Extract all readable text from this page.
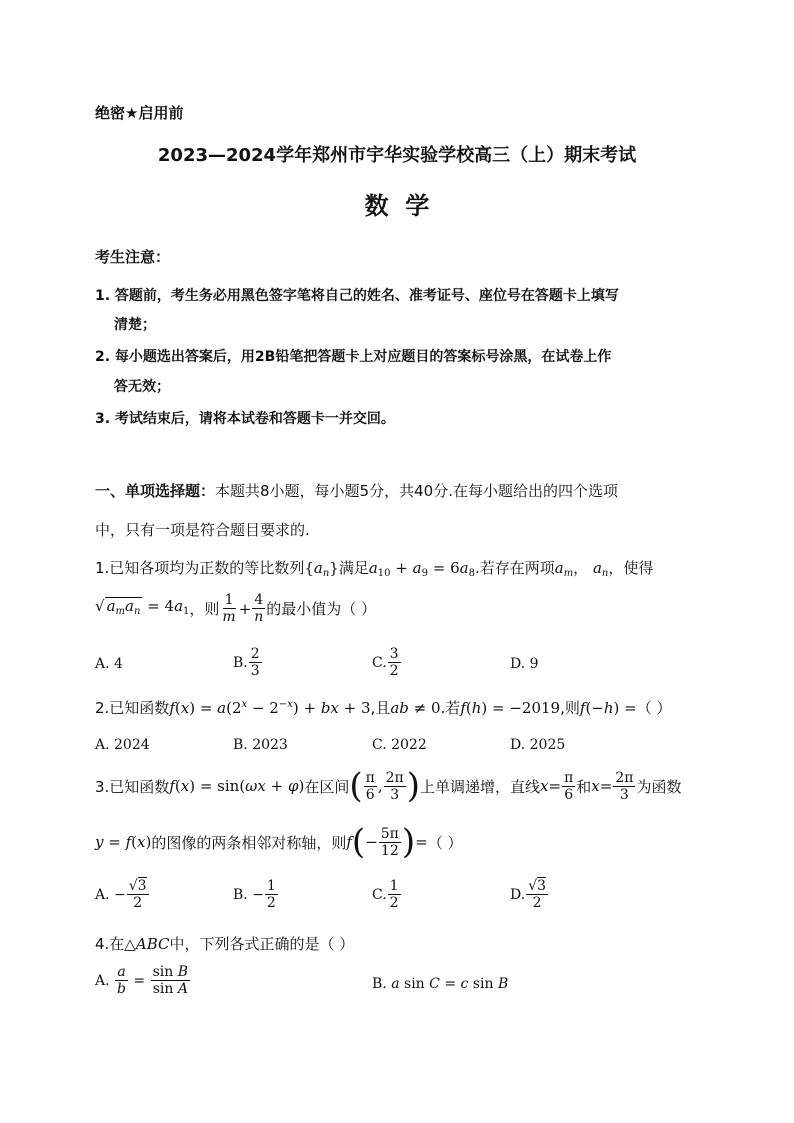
绝密★启用前
2023—2024学年郑州市宇华实验学校高三（上）期末考试
数  学
考生注意：
1. 答题前，考生务必用黑色签字笔将自己的姓名、准考证号、座位号在答题卡上填写
清楚；
2. 每小题选出答案后，用2B铅笔把答题卡上对应题目的答案标号涂黑，在试卷上作
答无效；
3. 考试结束后，请将本试卷和答题卡一并交回。
一、单项选择题：本题共8小题，每小题5分，共40分.在每小题给出的四个选项
中，只有一项是符合题目要求的.
1.已知各项均为正数的等比数列$\{a_n\}$满足$a_{10} + a_9 = 6a_8$.若存在两项$a_m$， $a_n$，使得
√ $a_ma_n = 4a_1$ ，则 $\frac{1}{m} + \frac{4}{n}$ 的最小值为（ ）
A. 4	B. $\frac{2}{3}$	C. $\frac{3}{2}$	D. 9
2.已知函数$f(x) = a(2^x - 2^{-x})$ + bx + 3,且ab ≠ 0.若f(h) = −2019,则f(−h) =（ ）
A. 2024	B. 2023	C. 2022	D. 2025
3.已知函数 f(x) = sin(ωx + φ) 在区间 ( $\frac{\pi}{6}$ , $\frac{2\pi}{3}$ ) 上单调递增，直线 $x = \frac{\pi}{6}$ 和 $x = \frac{2\pi}{3}$ 为函数
y = f(x) 的图像的两条相邻对称轴，则 f ( − $\frac{5\pi}{12}$ ) = （ ）
A. − $\frac{√3}{2}$	B. − $\frac{1}{2}$	C. $\frac{1}{2}$	D. $\frac{√3}{2}$
4.在△ABC中，下列各式正确的是（ ）
A.
$\frac{a}{b} = \frac{\text{sin B}}{\text{sin A}}$	B. a sin C = c sin B
